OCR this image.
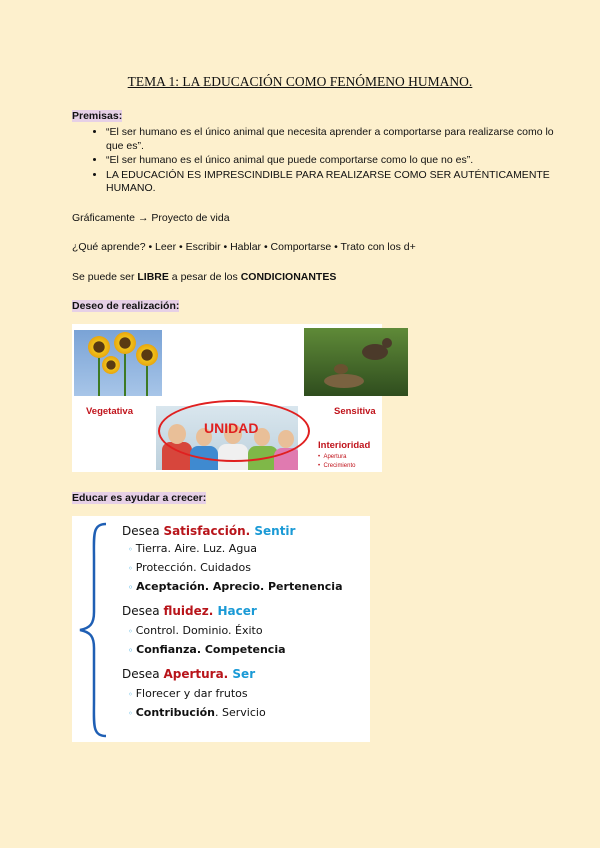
TEMA 1: LA EDUCACIÓN COMO FENÓMENO HUMANO.
Premisas:
• “El ser humano es el único animal que necesita aprender a comportarse para realizarse como lo que es”.
• “El ser humano es el único animal que puede comportarse como lo que no es”.
• LA EDUCACIÓN ES IMPRESCINDIBLE PARA REALIZARSE COMO SER AUTÉNTICAMENTE HUMANO.
Gráficamente → Proyecto de vida
¿Qué aprende? • Leer • Escribir • Hablar • Comportarse • Trato con los d+
Se puede ser LIBRE a pesar de los CONDICIONANTES
Deseo de realización:
Vegetativa	Sensitiva
UNIDAD
Interioridad
•  Apertura
•  Crecimiento
Educar es ayudar a crecer:
Desea Satisfacción. Sentir
◦ Tierra. Aire. Luz. Agua
◦ Protección. Cuidados
◦ Aceptación. Aprecio. Pertenencia
Desea fluidez. Hacer
◦ Control. Dominio. Éxito
◦ Confianza. Competencia
Desea Apertura. Ser
◦ Florecer y dar frutos
◦ Contribución. Servicio
